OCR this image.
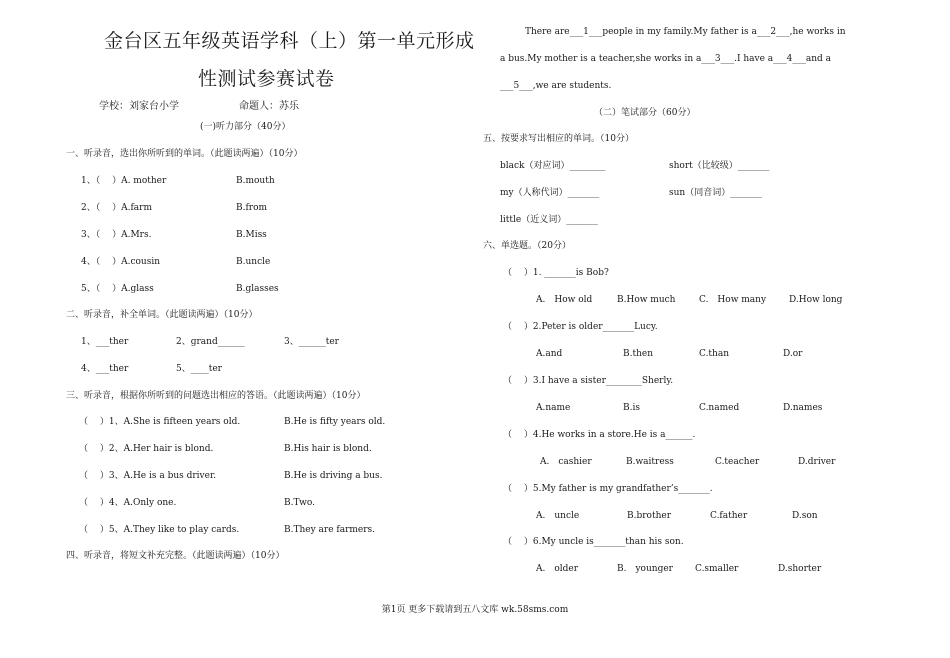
金台区五年级英语学科（上）第一单元形成
性测试参赛试卷
学校：刘家台小学	命题人：苏乐
(一)听力部分（40分）
一、听录音，选出你所听到的单词。（此题读两遍）（10分）
1、（　 ）A. mother	B.mouth
2、（　 ）A.farm	B.from
3、（　 ）A.Mrs.	B.Miss
4、（　 ）A.cousin	B.uncle
5、（　 ）A.glass	B.glasses
二、听录音，补全单词。（此题读两遍）（10分）
1、___ther	2、grand______	3、______ter
4、___ther	5、____ter
三、听录音，根据你所听到的问题选出相应的答语。（此题读两遍）（10分）
（　 ）1、A.She is fifteen years old.	B.He is fifty years old.
（　 ）2、A.Her hair is blond.	B.His hair is blond.
（　 ）3、A.He is a bus driver.	B.He is driving a bus.
（　 ）4、A.Only one.	B.Two.
（　 ）5、A.They like to play cards.	B.They are farmers.
四、听录音，将短文补充完整。（此题读两遍）（10分）
There are___1___people in my family.My father is a___2___,he works in
a bus.My mother is a teacher,she works in a___3___.I have a___4___and a
___5___,we are students.
（二）笔试部分（60分）
五、按要求写出相应的单词。（10分）
black（对应词）________	short（比较级）_______
my（人称代词）_______	sun（同音词）_______
little（近义词）_______
六、单选题。（20分）
（　 ）1. _______is Bob?
A.　How old	B.How much	C.　How many	D.How long
（　 ）2.Peter is older_______Lucy.
A.and	B.then	C.than	D.or
（　 ）3.I have a sister________Sherly.
A.name	B.is	C.named	D.names
（　 ）4.He works in a store.He is a______.
A.　cashier	B.waitress	C.teacher	D.driver
（　 ）5.My father is my grandfather’s_______.
A.　uncle	B.brother	C.father	D.son
（　 ）6.My uncle is_______than his son.
A.　older	B.　younger C.smaller	D.shorter
第1页 更多下载请到五八文库 wk.58sms.com
